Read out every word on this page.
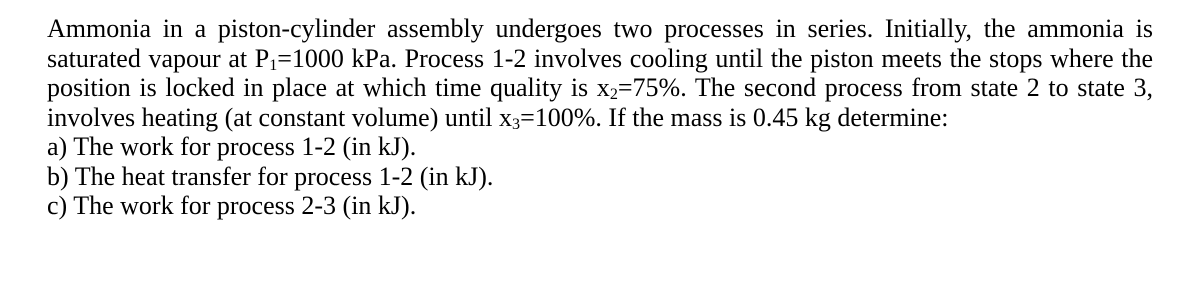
Ammonia in a piston-cylinder assembly undergoes two processes in series. Initially, the ammonia is saturated vapour at $P_1=1000$ kPa. Process 1-2 involves cooling until the piston meets the stops where the position is locked in place at which time quality is $x_2=75\%$. The second process from state 2 to state 3, involves heating (at constant volume) until $x_3=100\%$. If the mass is 0.45 kg determine:

a) The work for process 1-2 (in kJ).
b) The heat transfer for process 1-2 (in kJ).
c) The work for process 2-3 (in kJ).
